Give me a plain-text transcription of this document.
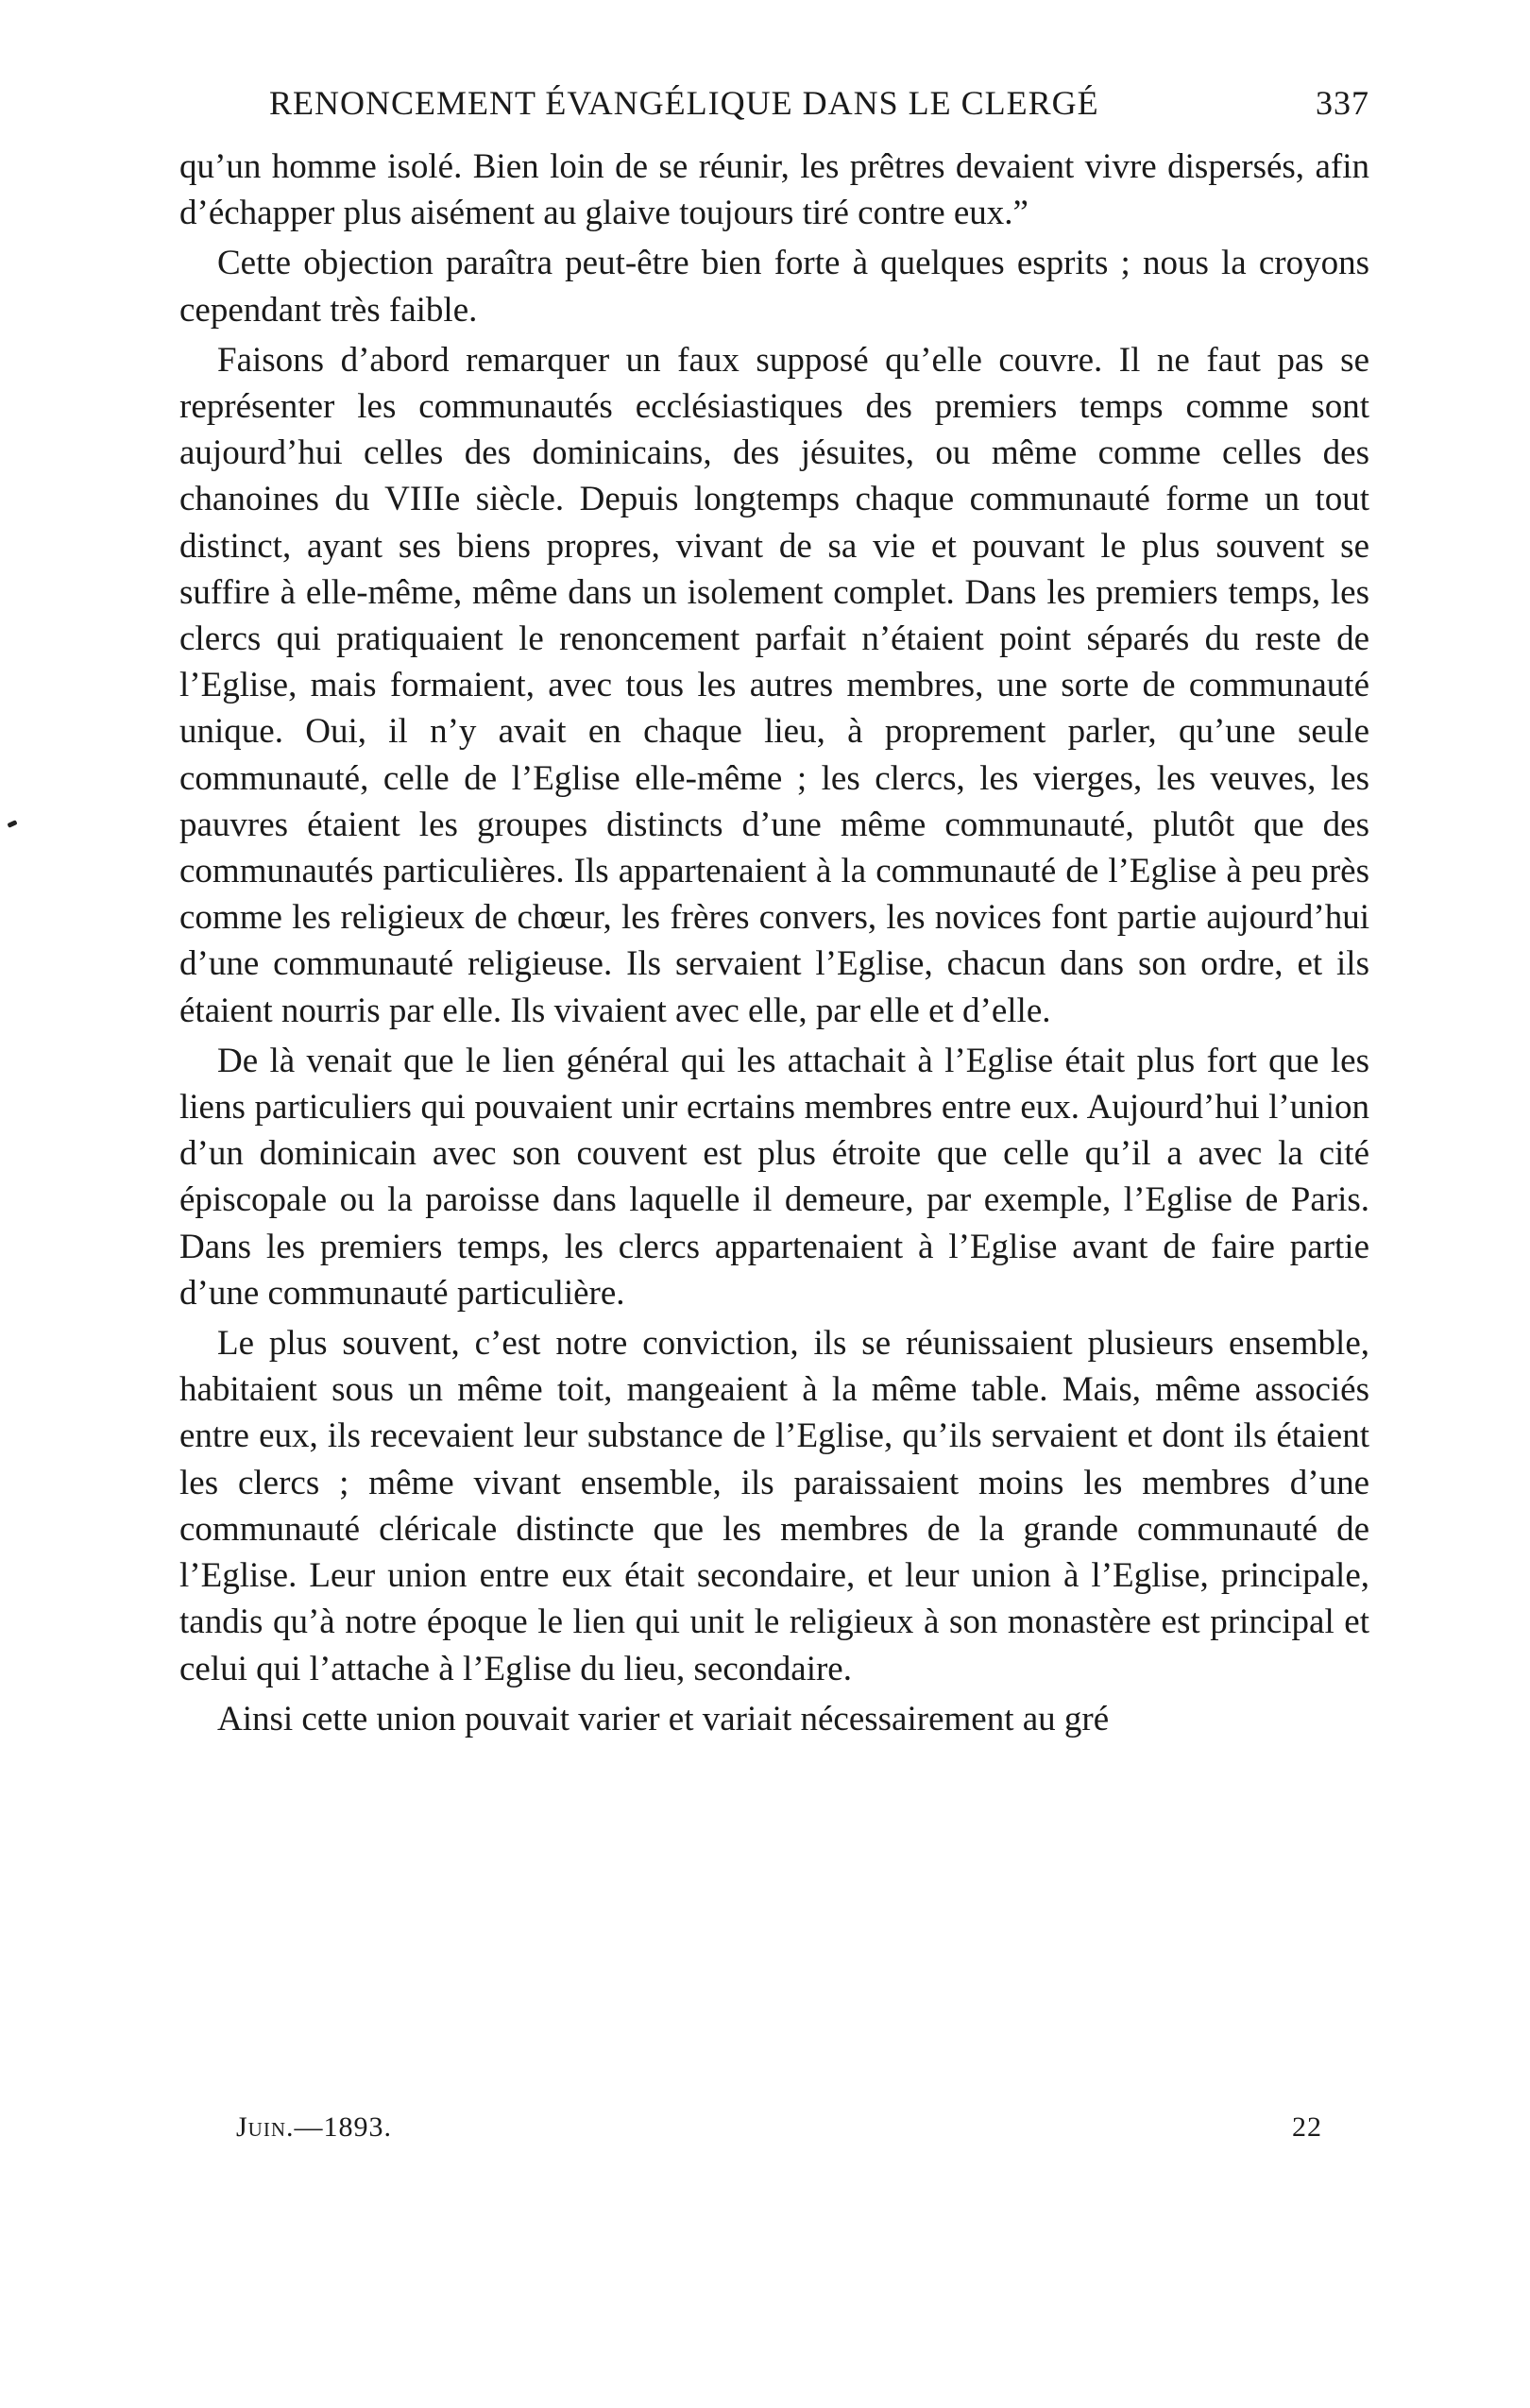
RENONCEMENT ÉVANGÉLIQUE DANS LE CLERGÉ	337

qu’un homme isolé. Bien loin de se réunir, les prêtres devaient vivre dispersés, afin d’échapper plus aisément au glaive toujours tiré contre eux.”

Cette objection paraîtra peut-être bien forte à quelques esprits ; nous la croyons cependant très faible.

Faisons d’abord remarquer un faux supposé qu’elle couvre. Il ne faut pas se représenter les communautés ecclésiastiques des premiers temps comme sont aujourd’hui celles des dominicains, des jésuites, ou même comme celles des chanoines du VIIIe siècle. Depuis longtemps chaque communauté forme un tout distinct, ayant ses biens propres, vivant de sa vie et pouvant le plus souvent se suffire à elle-même, même dans un isolement complet. Dans les premiers temps, les clercs qui pratiquaient le renoncement parfait n’étaient point séparés du reste de l’Eglise, mais formaient, avec tous les autres membres, une sorte de communauté unique. Oui, il n’y avait en chaque lieu, à proprement parler, qu’une seule communauté, celle de l’Eglise elle-même ; les clercs, les vierges, les veuves, les pauvres étaient les groupes distincts d’une même communauté, plutôt que des communautés particulières. Ils appartenaient à la communauté de l’Eglise à peu près comme les religieux de chœur, les frères convers, les novices font partie aujourd’hui d’une communauté religieuse. Ils servaient l’Eglise, chacun dans son ordre, et ils étaient nourris par elle. Ils vivaient avec elle, par elle et d’elle.

De là venait que le lien général qui les attachait à l’Eglise était plus fort que les liens particuliers qui pouvaient unir ecrtains membres entre eux. Aujourd’hui l’union d’un dominicain avec son couvent est plus étroite que celle qu’il a avec la cité épiscopale ou la paroisse dans laquelle il demeure, par exemple, l’Eglise de Paris. Dans les premiers temps, les clercs appartenaient à l’Eglise avant de faire partie d’une communauté particulière.

Le plus souvent, c’est notre conviction, ils se réunissaient plusieurs ensemble, habitaient sous un même toit, mangeaient à la même table. Mais, même associés entre eux, ils recevaient leur substance de l’Eglise, qu’ils servaient et dont ils étaient les clercs ; même vivant ensemble, ils paraissaient moins les membres d’une communauté cléricale distincte que les membres de la grande communauté de l’Eglise. Leur union entre eux était secondaire, et leur union à l’Eglise, principale, tandis qu’à notre époque le lien qui unit le religieux à son monastère est principal et celui qui l’attache à l’Eglise du lieu, secondaire.

Ainsi cette union pouvait varier et variait nécessairement au gré

Juin.—1893.	22
